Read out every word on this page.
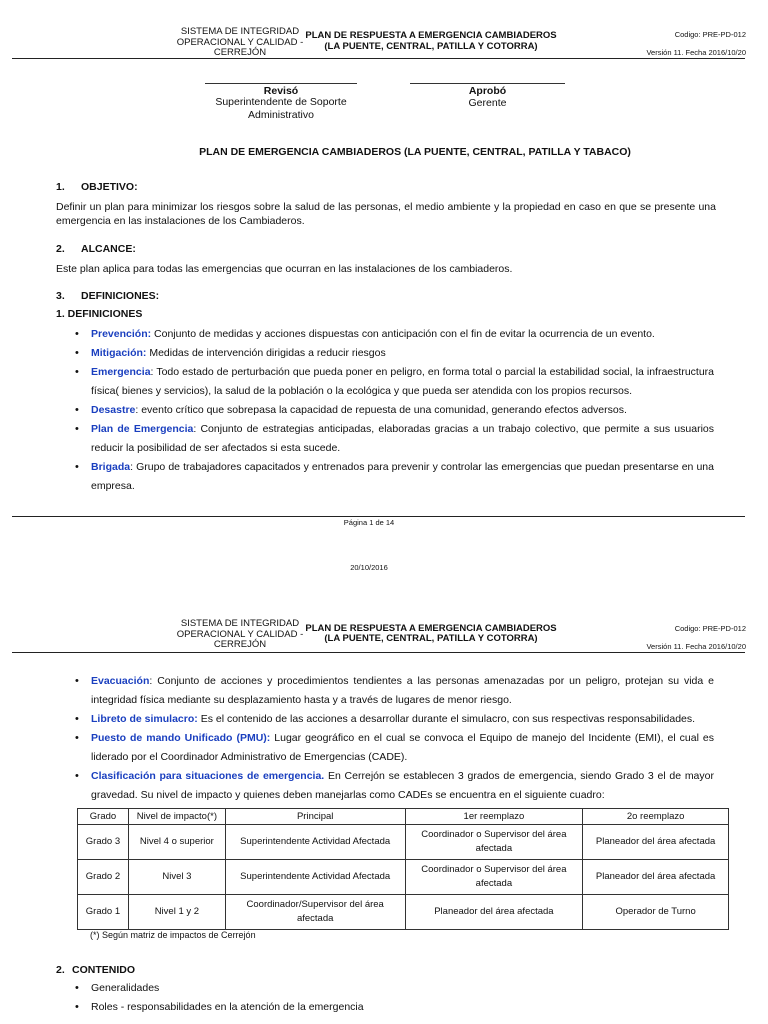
SISTEMA DE INTEGRIDAD OPERACIONAL Y CALIDAD - CERREJÓN
PLAN DE RESPUESTA A EMERGENCIA CAMBIADEROS
(LA PUENTE, CENTRAL, PATILLA Y COTORRA)
Codigo: PRE-PD-012
Versión 11. Fecha 2016/10/20
Revisó	Aprobó
Superintendente de Soporte Administrativo
Gerente
PLAN DE EMERGENCIA CAMBIADEROS (LA PUENTE, CENTRAL, PATILLA Y TABACO)
1. OBJETIVO:
Definir un plan para minimizar los riesgos sobre la salud de las personas, el medio ambiente y la propiedad en caso en que se presente una emergencia en las instalaciones de los Cambiaderos.
2. ALCANCE:
Este plan aplica para todas las emergencias que ocurran en las instalaciones de los cambiaderos.
3. DEFINICIONES:
1. DEFINICIONES
• Prevención: Conjunto de medidas y acciones dispuestas con anticipación con el fin de evitar la ocurrencia de un evento.
• Mitigación: Medidas de intervención dirigidas a reducir riesgos
• Emergencia: Todo estado de perturbación que pueda poner en peligro, en forma total o parcial la estabilidad social, la infraestructura física( bienes y servicios), la salud de la población o la ecológica y que pueda ser atendida con los propios recursos.
• Desastre: evento crítico que sobrepasa la capacidad de repuesta de una comunidad, generando efectos adversos.
• Plan de Emergencia: Conjunto de estrategias anticipadas, elaboradas gracias a un trabajo colectivo, que permite a sus usuarios reducir la posibilidad de ser afectados si esta sucede.
• Brigada: Grupo de trabajadores capacitados y entrenados para prevenir y controlar las emergencias que puedan presentarse en una empresa.
Página 1 de 14
20/10/2016
SISTEMA DE INTEGRIDAD OPERACIONAL Y CALIDAD - CERREJÓN
PLAN DE RESPUESTA A EMERGENCIA CAMBIADEROS
(LA PUENTE, CENTRAL, PATILLA Y COTORRA)
Codigo: PRE-PD-012
Versión 11. Fecha 2016/10/20
• Evacuación: Conjunto de acciones y procedimientos tendientes a las personas amenazadas por un peligro, protejan su vida e integridad física mediante su desplazamiento hasta y a través de lugares de menor riesgo.
• Libreto de simulacro: Es el contenido de las acciones a desarrollar durante el simulacro, con sus respectivas responsabilidades.
• Puesto de mando Unificado (PMU): Lugar geográfico en el cual se convoca el Equipo de manejo del Incidente (EMI), el cual es liderado por el Coordinador Administrativo de Emergencias (CADE).
• Clasificación para situaciones de emergencia. En Cerrejón se establecen 3 grados de emergencia, siendo Grado 3 el de mayor gravedad. Su nivel de impacto y quienes deben manejarlas como CADEs se encuentra en el siguiente cuadro:
Grado	Nivel de impacto(*)	Principal	1er reemplazo	2o reemplazo
Grado 3	Nivel 4 o superior	Superintendente Actividad Afectada	Coordinador o Supervisor del área afectada	Planeador del área afectada
Grado 2	Nivel 3	Superintendente Actividad Afectada	Coordinador o Supervisor del área afectada	Planeador del área afectada
Grado 1	Nivel 1 y 2	Coordinador/Supervisor del área afectada	Planeador del área afectada	Operador de Turno
(*) Según matriz de impactos de Cerrejón
2. CONTENIDO
• Generalidades
• Roles - responsabilidades en la atención de la emergencia
